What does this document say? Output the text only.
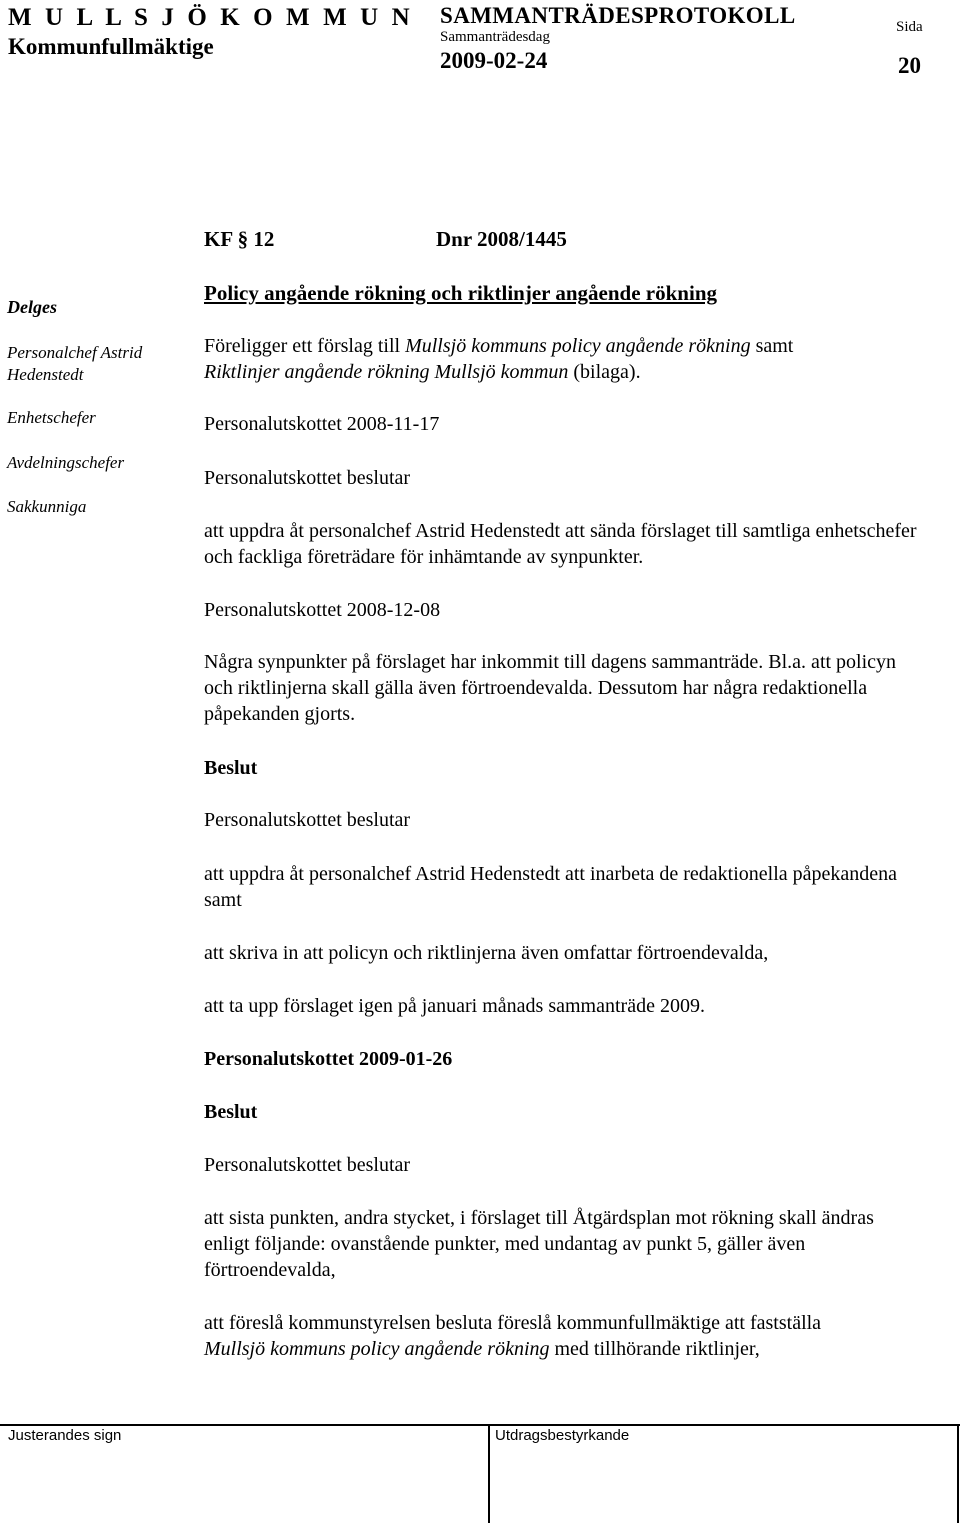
M U L L S J Ö K O M M U N
Kommunfullmäktige
SAMMANTRÄDESPROTOKOLL
Sammanträdesdag
2009-02-24
Sida
20
KF § 12	Dnr 2008/1445
Policy angående rökning och riktlinjer angående rökning
Delges
Personalchef Astrid Hedenstedt
Enhetschefer
Avdelningschefer
Sakkunniga
Föreligger ett förslag till Mullsjö kommuns policy angående rökning samt
Riktlinjer angående rökning Mullsjö kommun (bilaga).
Personalutskottet 2008-11-17
Personalutskottet beslutar
att uppdra åt personalchef Astrid Hedenstedt att sända förslaget till samtliga enhetschefer och fackliga företrädare för inhämtande av synpunkter.
Personalutskottet 2008-12-08
Några synpunkter på förslaget har inkommit till dagens sammanträde. Bl.a. att policyn och riktlinjerna skall gälla även förtroendevalda. Dessutom har några redaktionella påpekanden gjorts.
Beslut
Personalutskottet beslutar
att uppdra åt personalchef Astrid Hedenstedt att inarbeta de redaktionella påpekandena samt
att skriva in att policyn och riktlinjerna även omfattar förtroendevalda,
att ta upp förslaget igen på januari månads sammanträde 2009.
Personalutskottet 2009-01-26
Beslut
Personalutskottet beslutar
att sista punkten, andra stycket, i förslaget till Åtgärdsplan mot rökning skall ändras enligt följande: ovanstående punkter, med undantag av punkt 5, gäller även förtroendevalda,
att föreslå kommunstyrelsen besluta föreslå kommunfullmäktige att fastställa
Mullsjö kommuns policy angående rökning med tillhörande riktlinjer,
Justerandes sign	Utdragsbestyrkande
